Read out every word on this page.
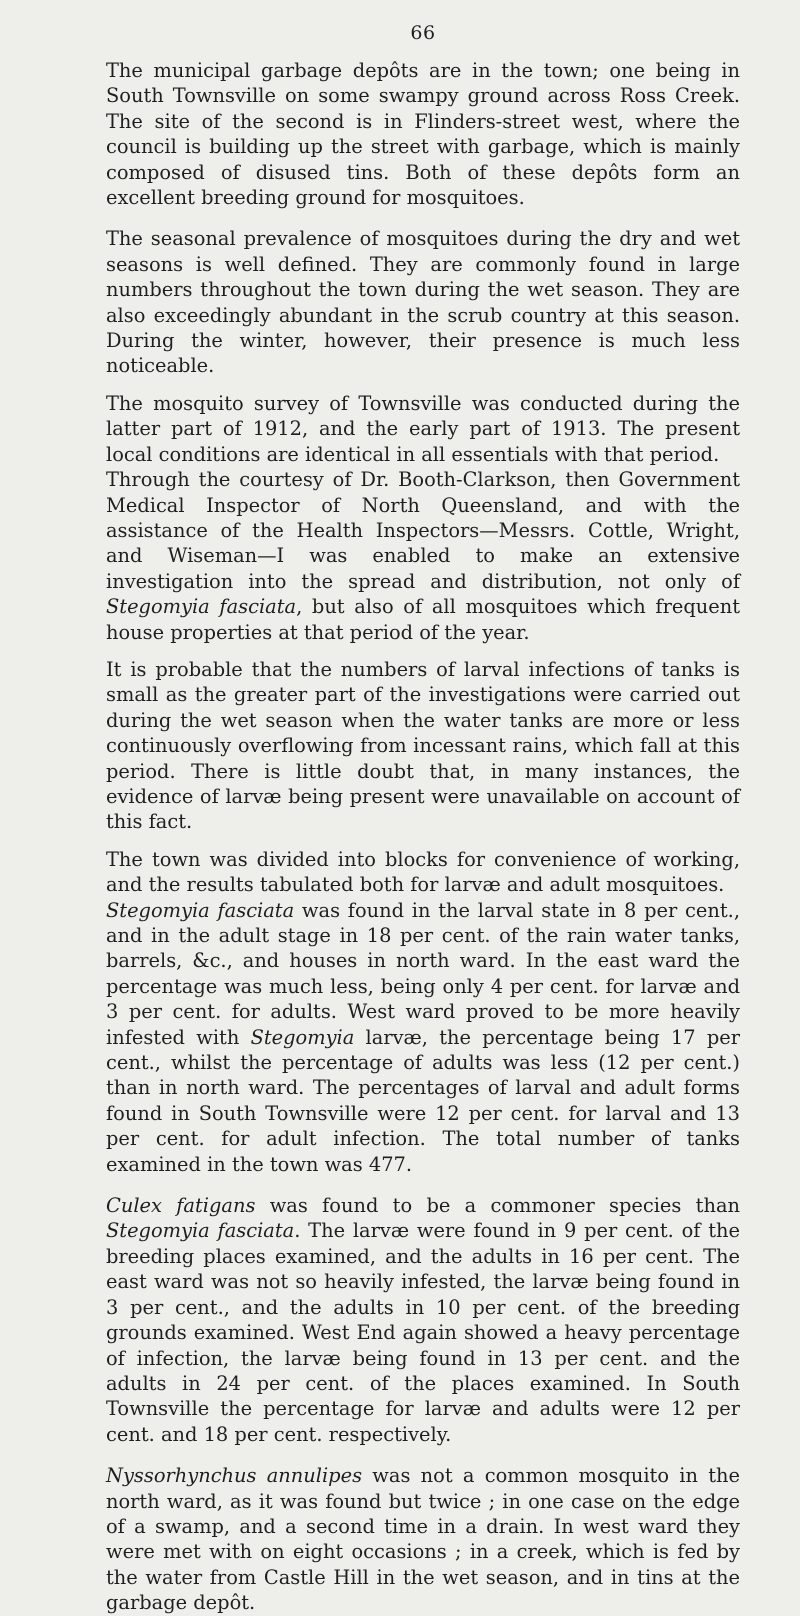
66

The municipal garbage depôts are in the town; one being in South Townsville on some swampy ground across Ross Creek. The site of the second is in Flinders-street west, where the council is building up the street with garbage, which is mainly composed of disused tins. Both of these depôts form an excellent breeding ground for mosquitoes.

The seasonal prevalence of mosquitoes during the dry and wet seasons is well defined. They are commonly found in large numbers throughout the town during the wet season. They are also exceedingly abundant in the scrub country at this season. During the winter, however, their presence is much less noticeable.

The mosquito survey of Townsville was conducted during the latter part of 1912, and the early part of 1913. The present local conditions are identical in all essentials with that period.

Through the courtesy of Dr. Booth-Clarkson, then Government Medical Inspector of North Queensland, and with the assistance of the Health Inspectors—Messrs. Cottle, Wright, and Wiseman—I was enabled to make an extensive investigation into the spread and distribution, not only of Stegomyia fasciata, but also of all mosquitoes which frequent house properties at that period of the year.

It is probable that the numbers of larval infections of tanks is small as the greater part of the investigations were carried out during the wet season when the water tanks are more or less continuously overflowing from incessant rains, which fall at this period. There is little doubt that, in many instances, the evidence of larvæ being present were unavailable on account of this fact.

The town was divided into blocks for convenience of working, and the results tabulated both for larvæ and adult mosquitoes.

Stegomyia fasciata was found in the larval state in 8 per cent., and in the adult stage in 18 per cent. of the rain water tanks, barrels, &c., and houses in north ward. In the east ward the percentage was much less, being only 4 per cent. for larvæ and 3 per cent. for adults. West ward proved to be more heavily infested with Stegomyia larvæ, the percentage being 17 per cent., whilst the percentage of adults was less (12 per cent.) than in north ward. The percentages of larval and adult forms found in South Townsville were 12 per cent. for larval and 13 per cent. for adult infection. The total number of tanks examined in the town was 477.

Culex fatigans was found to be a commoner species than Stegomyia fasciata. The larvæ were found in 9 per cent. of the breeding places examined, and the adults in 16 per cent. The east ward was not so heavily infested, the larvæ being found in 3 per cent., and the adults in 10 per cent. of the breeding grounds examined. West End again showed a heavy percentage of infection, the larvæ being found in 13 per cent. and the adults in 24 per cent. of the places examined. In South Townsville the percentage for larvæ and adults were 12 per cent. and 18 per cent. respectively.

Nyssorhynchus annulipes was not a common mosquito in the north ward, as it was found but twice ; in one case on the edge of a swamp, and a second time in a drain. In west ward they were met with on eight occasions ; in a creek, which is fed by the water from Castle Hill in the wet season, and in tins at the garbage depôt.
